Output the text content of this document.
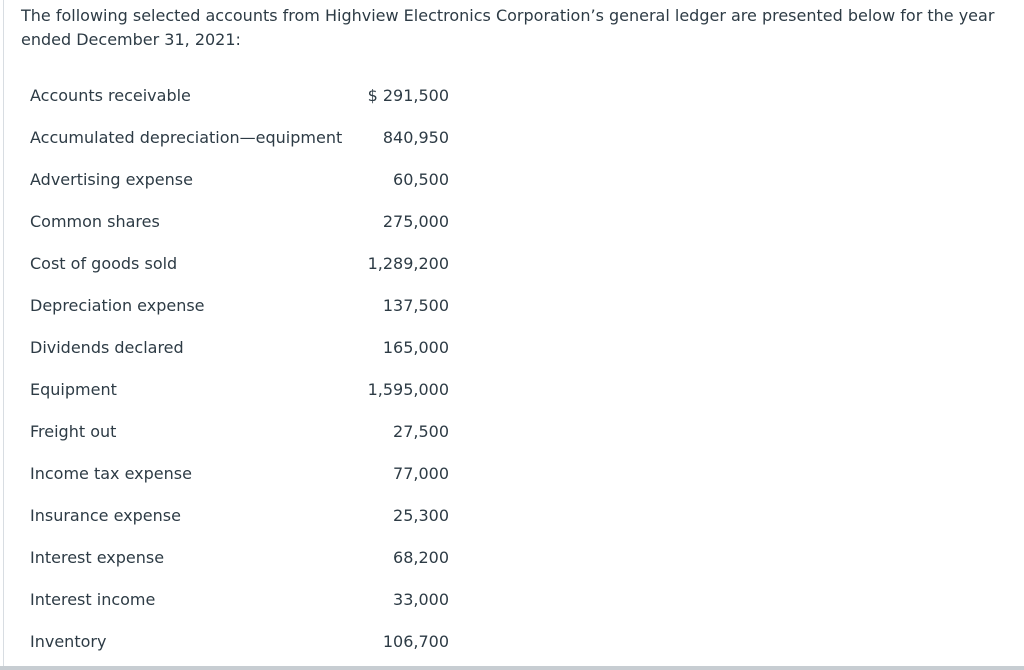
The following selected accounts from Highview Electronics Corporation’s general ledger are presented below for the year ended December 31, 2021:

Accounts receivable	$ 291,500
Accumulated depreciation—equipment	840,950
Advertising expense	60,500
Common shares	275,000
Cost of goods sold	1,289,200
Depreciation expense	137,500
Dividends declared	165,000
Equipment	1,595,000
Freight out	27,500
Income tax expense	77,000
Insurance expense	25,300
Interest expense	68,200
Interest income	33,000
Inventory	106,700
